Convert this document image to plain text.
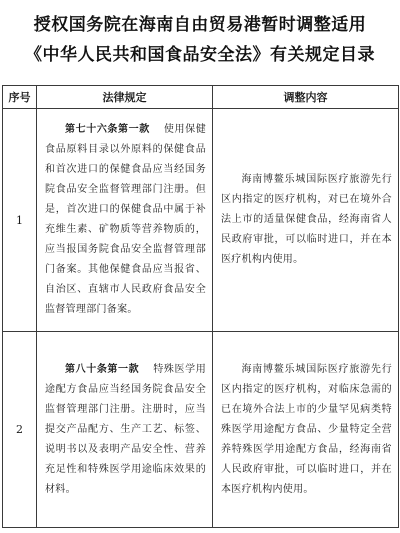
授权国务院在海南自由贸易港暂时调整适用
《中华人民共和国食品安全法》有关规定目录
序号	法律规定	调整内容
1	第七十六条第一款 使用保健食品原料目录以外原料的保健食品和首次进口的保健食品应当经国务院食品安全监督管理部门注册。但是，首次进口的保健食品中属于补充维生素、矿物质等营养物质的，应当报国务院食品安全监督管理部门备案。其他保健食品应当报省、自治区、直辖市人民政府食品安全监督管理部门备案。	海南博鳌乐城国际医疗旅游先行区内指定的医疗机构，对已在境外合法上市的适量保健食品，经海南省人民政府审批，可以临时进口，并在本医疗机构内使用。
2	第八十条第一款 特殊医学用途配方食品应当经国务院食品安全监督管理部门注册。注册时，应当提交产品配方、生产工艺、标签、说明书以及表明产品安全性、营养充足性和特殊医学用途临床效果的材料。	海南博鳌乐城国际医疗旅游先行区内指定的医疗机构，对临床急需的已在境外合法上市的少量罕见病类特殊医学用途配方食品、少量特定全营养特殊医学用途配方食品，经海南省人民政府审批，可以临时进口，并在本医疗机构内使用。
